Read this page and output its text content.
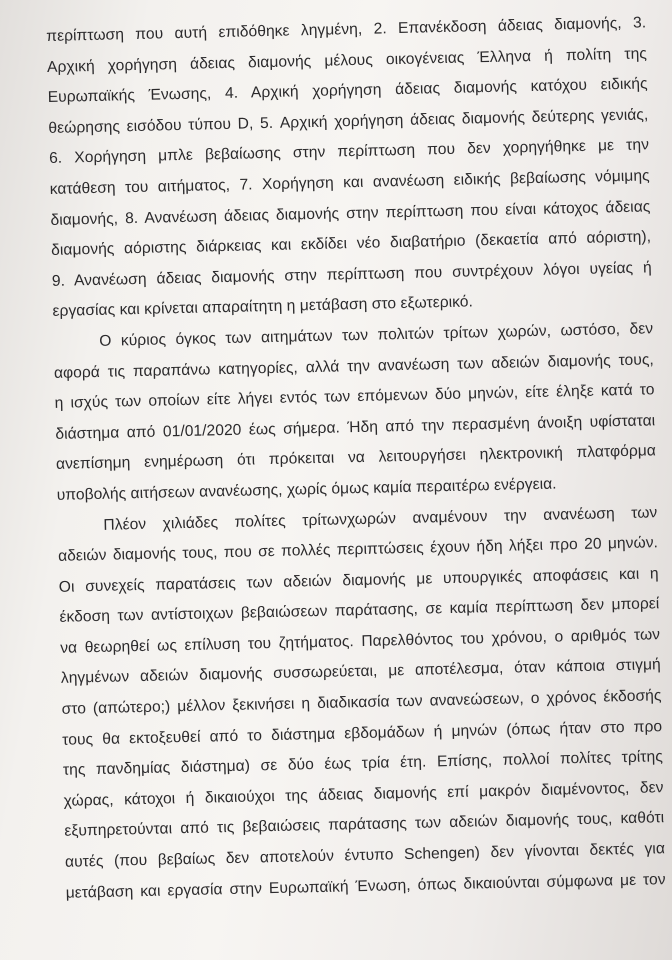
περίπτωση που αυτή επιδόθηκε ληγμένη, 2. Επανέκδοση άδειας διαμονής, 3.
Αρχική χορήγηση άδειας διαμονής μέλους οικογένειας Έλληνα ή πολίτη της
Ευρωπαϊκής Ένωσης, 4. Αρχική χορήγηση άδειας διαμονής κατόχου ειδικής
θεώρησης εισόδου τύπου D, 5. Αρχική χορήγηση άδειας διαμονής δεύτερης γενιάς,
6. Χορήγηση μπλε βεβαίωσης στην περίπτωση που δεν χορηγήθηκε με την
κατάθεση του αιτήματος, 7. Χορήγηση και ανανέωση ειδικής βεβαίωσης νόμιμης
διαμονής, 8. Ανανέωση άδειας διαμονής στην περίπτωση που είναι κάτοχος άδειας
διαμονής αόριστης διάρκειας και εκδίδει νέο διαβατήριο (δεκαετία από αόριστη),
9. Ανανέωση άδειας διαμονής στην περίπτωση που συντρέχουν λόγοι υγείας ή
εργασίας και κρίνεται απαραίτητη η μετάβαση στο εξωτερικό.
Ο κύριος όγκος των αιτημάτων των πολιτών τρίτων χωρών, ωστόσο, δεν
αφορά τις παραπάνω κατηγορίες, αλλά την ανανέωση των αδειών διαμονής τους,
η ισχύς των οποίων είτε λήγει εντός των επόμενων δύο μηνών, είτε έληξε κατά το
διάστημα από 01/01/2020 έως σήμερα. Ήδη από την περασμένη άνοιξη υφίσταται
ανεπίσημη ενημέρωση ότι πρόκειται να λειτουργήσει ηλεκτρονική πλατφόρμα
υποβολής αιτήσεων ανανέωσης, χωρίς όμως καμία περαιτέρω ενέργεια.
Πλέον χιλιάδες πολίτες τρίτωνχωρών αναμένουν την ανανέωση των
αδειών διαμονής τους, που σε πολλές περιπτώσεις έχουν ήδη λήξει προ 20 μηνών.
Οι συνεχείς παρατάσεις των αδειών διαμονής με υπουργικές αποφάσεις και η
έκδοση των αντίστοιχων βεβαιώσεων παράτασης, σε καμία περίπτωση δεν μπορεί
να θεωρηθεί ως επίλυση του ζητήματος. Παρελθόντος του χρόνου, ο αριθμός των
ληγμένων αδειών διαμονής συσσωρεύεται, με αποτέλεσμα, όταν κάποια στιγμή
στο (απώτερο;) μέλλον ξεκινήσει η διαδικασία των ανανεώσεων, ο χρόνος έκδοσής
τους θα εκτοξευθεί από το διάστημα εβδομάδων ή μηνών (όπως ήταν στο προ
της πανδημίας διάστημα) σε δύο έως τρία έτη. Επίσης, πολλοί πολίτες τρίτης
χώρας, κάτοχοι ή δικαιούχοι της άδειας διαμονής επί μακρόν διαμένοντος, δεν
εξυπηρετούνται από τις βεβαιώσεις παράτασης των αδειών διαμονής τους, καθότι
αυτές (που βεβαίως δεν αποτελούν έντυπο Schengen) δεν γίνονται δεκτές για
μετάβαση και εργασία στην Ευρωπαϊκή Ένωση, όπως δικαιούνται σύμφωνα με τον
